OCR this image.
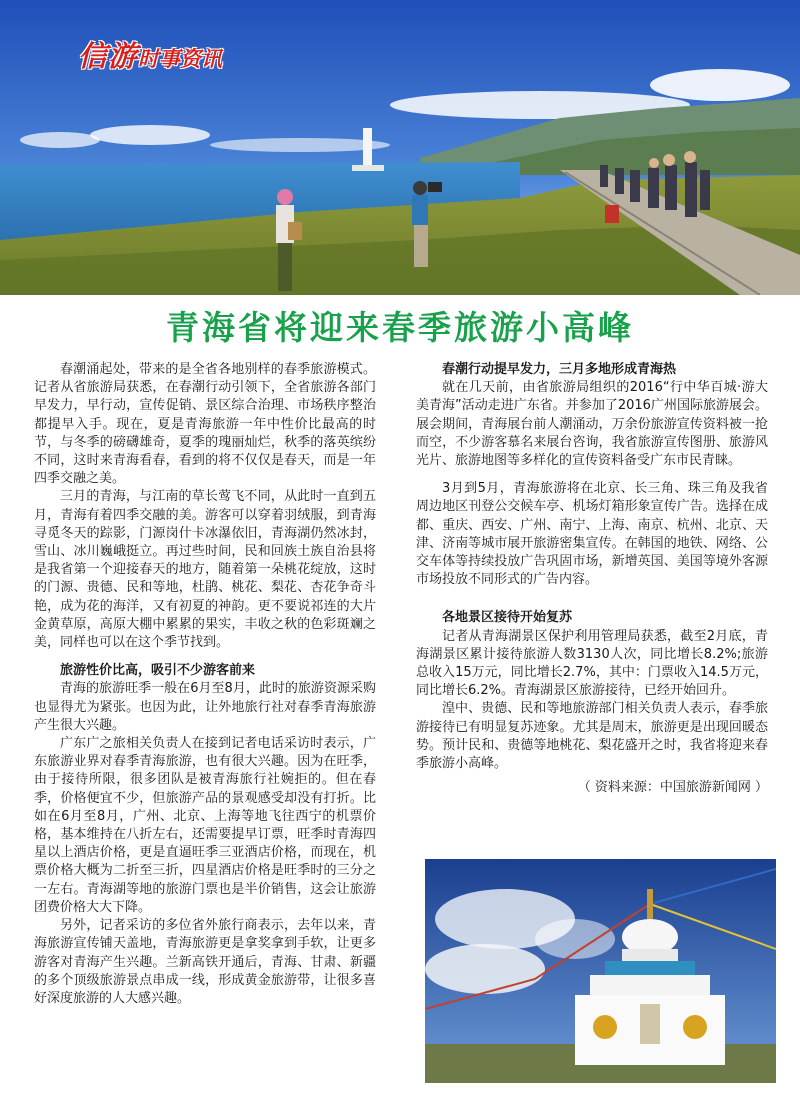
信游时事资讯
青海省将迎来春季旅游小高峰

春潮涌起处，带来的是全省各地别样的春季旅游模式。记者从省旅游局获悉，在春潮行动引领下，全省旅游各部门早发力，早行动，宣传促销、景区综合治理、市场秩序整治都提早入手。现在，夏是青海旅游一年中性价比最高的时节，与冬季的磅礴雄奇，夏季的瑰丽灿烂，秋季的落英缤纷不同，这时来青海看春，看到的将不仅仅是春天，而是一年四季交融之美。

三月的青海，与江南的草长莺飞不同，从此时一直到五月，青海有着四季交融的美。游客可以穿着羽绒服，到青海寻觅冬天的踪影，门源岗什卡冰瀑依旧，青海湖仍然冰封，雪山、冰川巍峨挺立。再过些时间，民和回族土族自治县将是我省第一个迎接春天的地方，随着第一朵桃花绽放，这时的门源、贵德、民和等地，杜鹃、桃花、梨花、杏花争奇斗艳，成为花的海洋，又有初夏的神韵。更不要说祁连的大片金黄草原，高原大棚中累累的果实，丰收之秋的色彩斑斓之美，同样也可以在这个季节找到。

旅游性价比高，吸引不少游客前来

青海的旅游旺季一般在6月至8月，此时的旅游资源采购也显得尤为紧张。也因为此，让外地旅行社对春季青海旅游产生很大兴趣。

广东广之旅相关负责人在接到记者电话采访时表示，广东旅游业界对春季青海旅游，也有很大兴趣。因为在旺季，由于接待所限，很多团队是被青海旅行社婉拒的。但在春季，价格便宜不少，但旅游产品的景观感受却没有打折。比如在6月至8月，广州、北京、上海等地飞往西宁的机票价格，基本维持在八折左右，还需要提早订票，旺季时青海四星以上酒店价格，更是直逼旺季三亚酒店价格，而现在，机票价格大概为二折至三折，四星酒店价格是旺季时的三分之一左右。青海湖等地的旅游门票也是半价销售，这会让旅游团费价格大大下降。

另外，记者采访的多位省外旅行商表示，去年以来，青海旅游宣传铺天盖地，青海旅游更是拿奖拿到手软，让更多游客对青海产生兴趣。兰新高铁开通后，青海、甘肃、新疆的多个顶级旅游景点串成一线，形成黄金旅游带，让很多喜好深度旅游的人大感兴趣。

春潮行动提早发力，三月多地形成青海热

就在几天前，由省旅游局组织的2016“行中华百城·游大美青海”活动走进广东省。并参加了2016广州国际旅游展会。展会期间，青海展台前人潮涌动，万余份旅游宣传资料被一抢而空，不少游客慕名来展台咨询，我省旅游宣传图册、旅游风光片、旅游地图等多样化的宣传资料备受广东市民青睐。

3月到5月，青海旅游将在北京、长三角、珠三角及我省周边地区刊登公交候车亭、机场灯箱形象宣传广告。选择在成都、重庆、西安、广州、南宁、上海、南京、杭州、北京、天津、济南等城市展开旅游密集宣传。在韩国的地铁、网络、公交车体等持续投放广告巩固市场，新增英国、美国等境外客源市场投放不同形式的广告内容。

各地景区接待开始复苏

记者从青海湖景区保护利用管理局获悉，截至2月底，青海湖景区累计接待旅游人数3130人次，同比增长8.2%;旅游总收入15万元，同比增长2.7%，其中：门票收入14.5万元，同比增长6.2%。青海湖景区旅游接待，已经开始回升。

湟中、贵德、民和等地旅游部门相关负责人表示，春季旅游接待已有明显复苏迹象。尤其是周末，旅游更是出现回暖态势。预计民和、贵德等地桃花、梨花盛开之时，我省将迎来春季旅游小高峰。

（ 资料来源：中国旅游新闻网 ）
